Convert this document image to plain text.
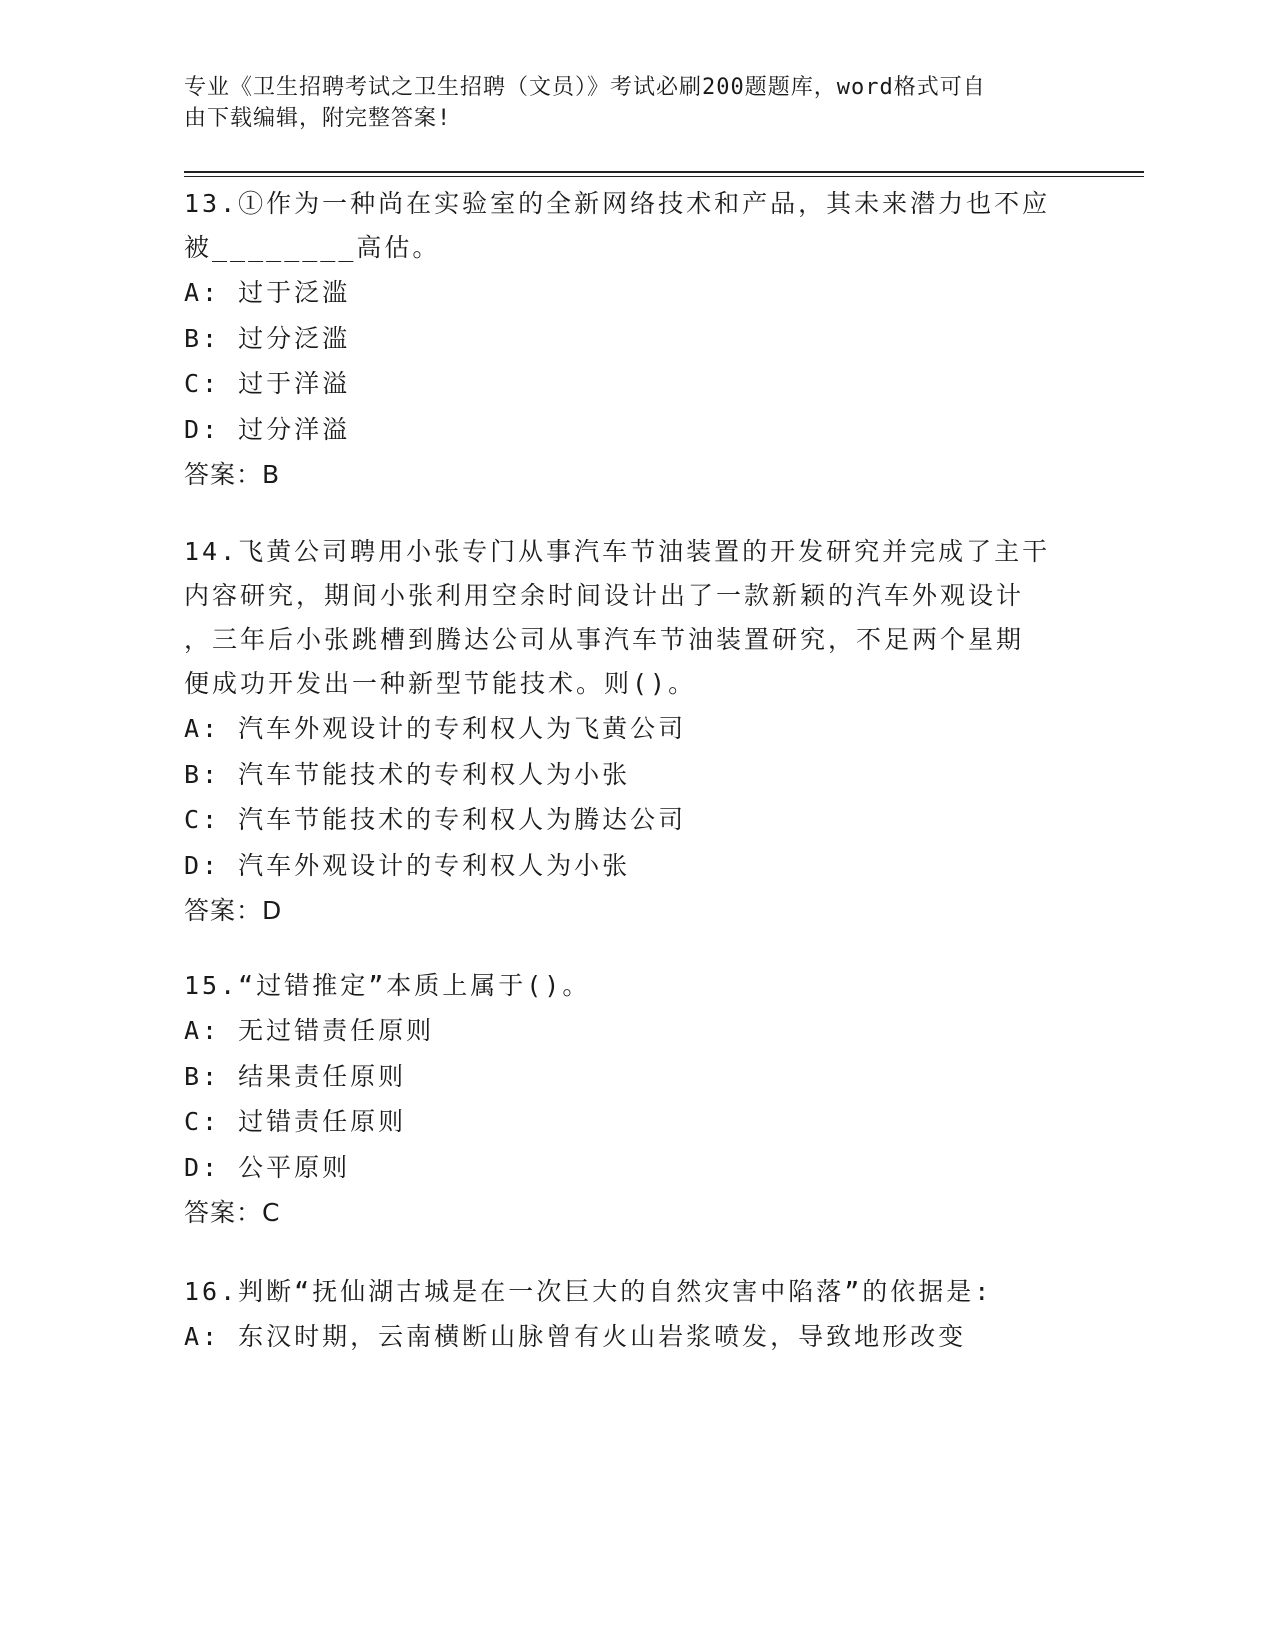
专业《卫生招聘考试之卫生招聘（文员）》考试必刷200题题库，word格式可自
由下载编辑，附完整答案!

13.①作为一种尚在实验室的全新网络技术和产品，其未来潜力也不应

被________高估。

A: 过于泛滥

B: 过分泛滥

C: 过于洋溢

D: 过分洋溢

答案：B

14.飞黄公司聘用小张专门从事汽车节油装置的开发研究并完成了主干

内容研究，期间小张利用空余时间设计出了一款新颖的汽车外观设计

，三年后小张跳槽到腾达公司从事汽车节油装置研究，不足两个星期

便成功开发出一种新型节能技术。则()。

A: 汽车外观设计的专利权人为飞黄公司

B: 汽车节能技术的专利权人为小张

C: 汽车节能技术的专利权人为腾达公司

D: 汽车外观设计的专利权人为小张

答案：D

15.“过错推定”本质上属于()。

A: 无过错责任原则

B: 结果责任原则

C: 过错责任原则

D: 公平原则

答案：C

16.判断“抚仙湖古城是在一次巨大的自然灾害中陷落”的依据是:

A: 东汉时期，云南横断山脉曾有火山岩浆喷发，导致地形改变
